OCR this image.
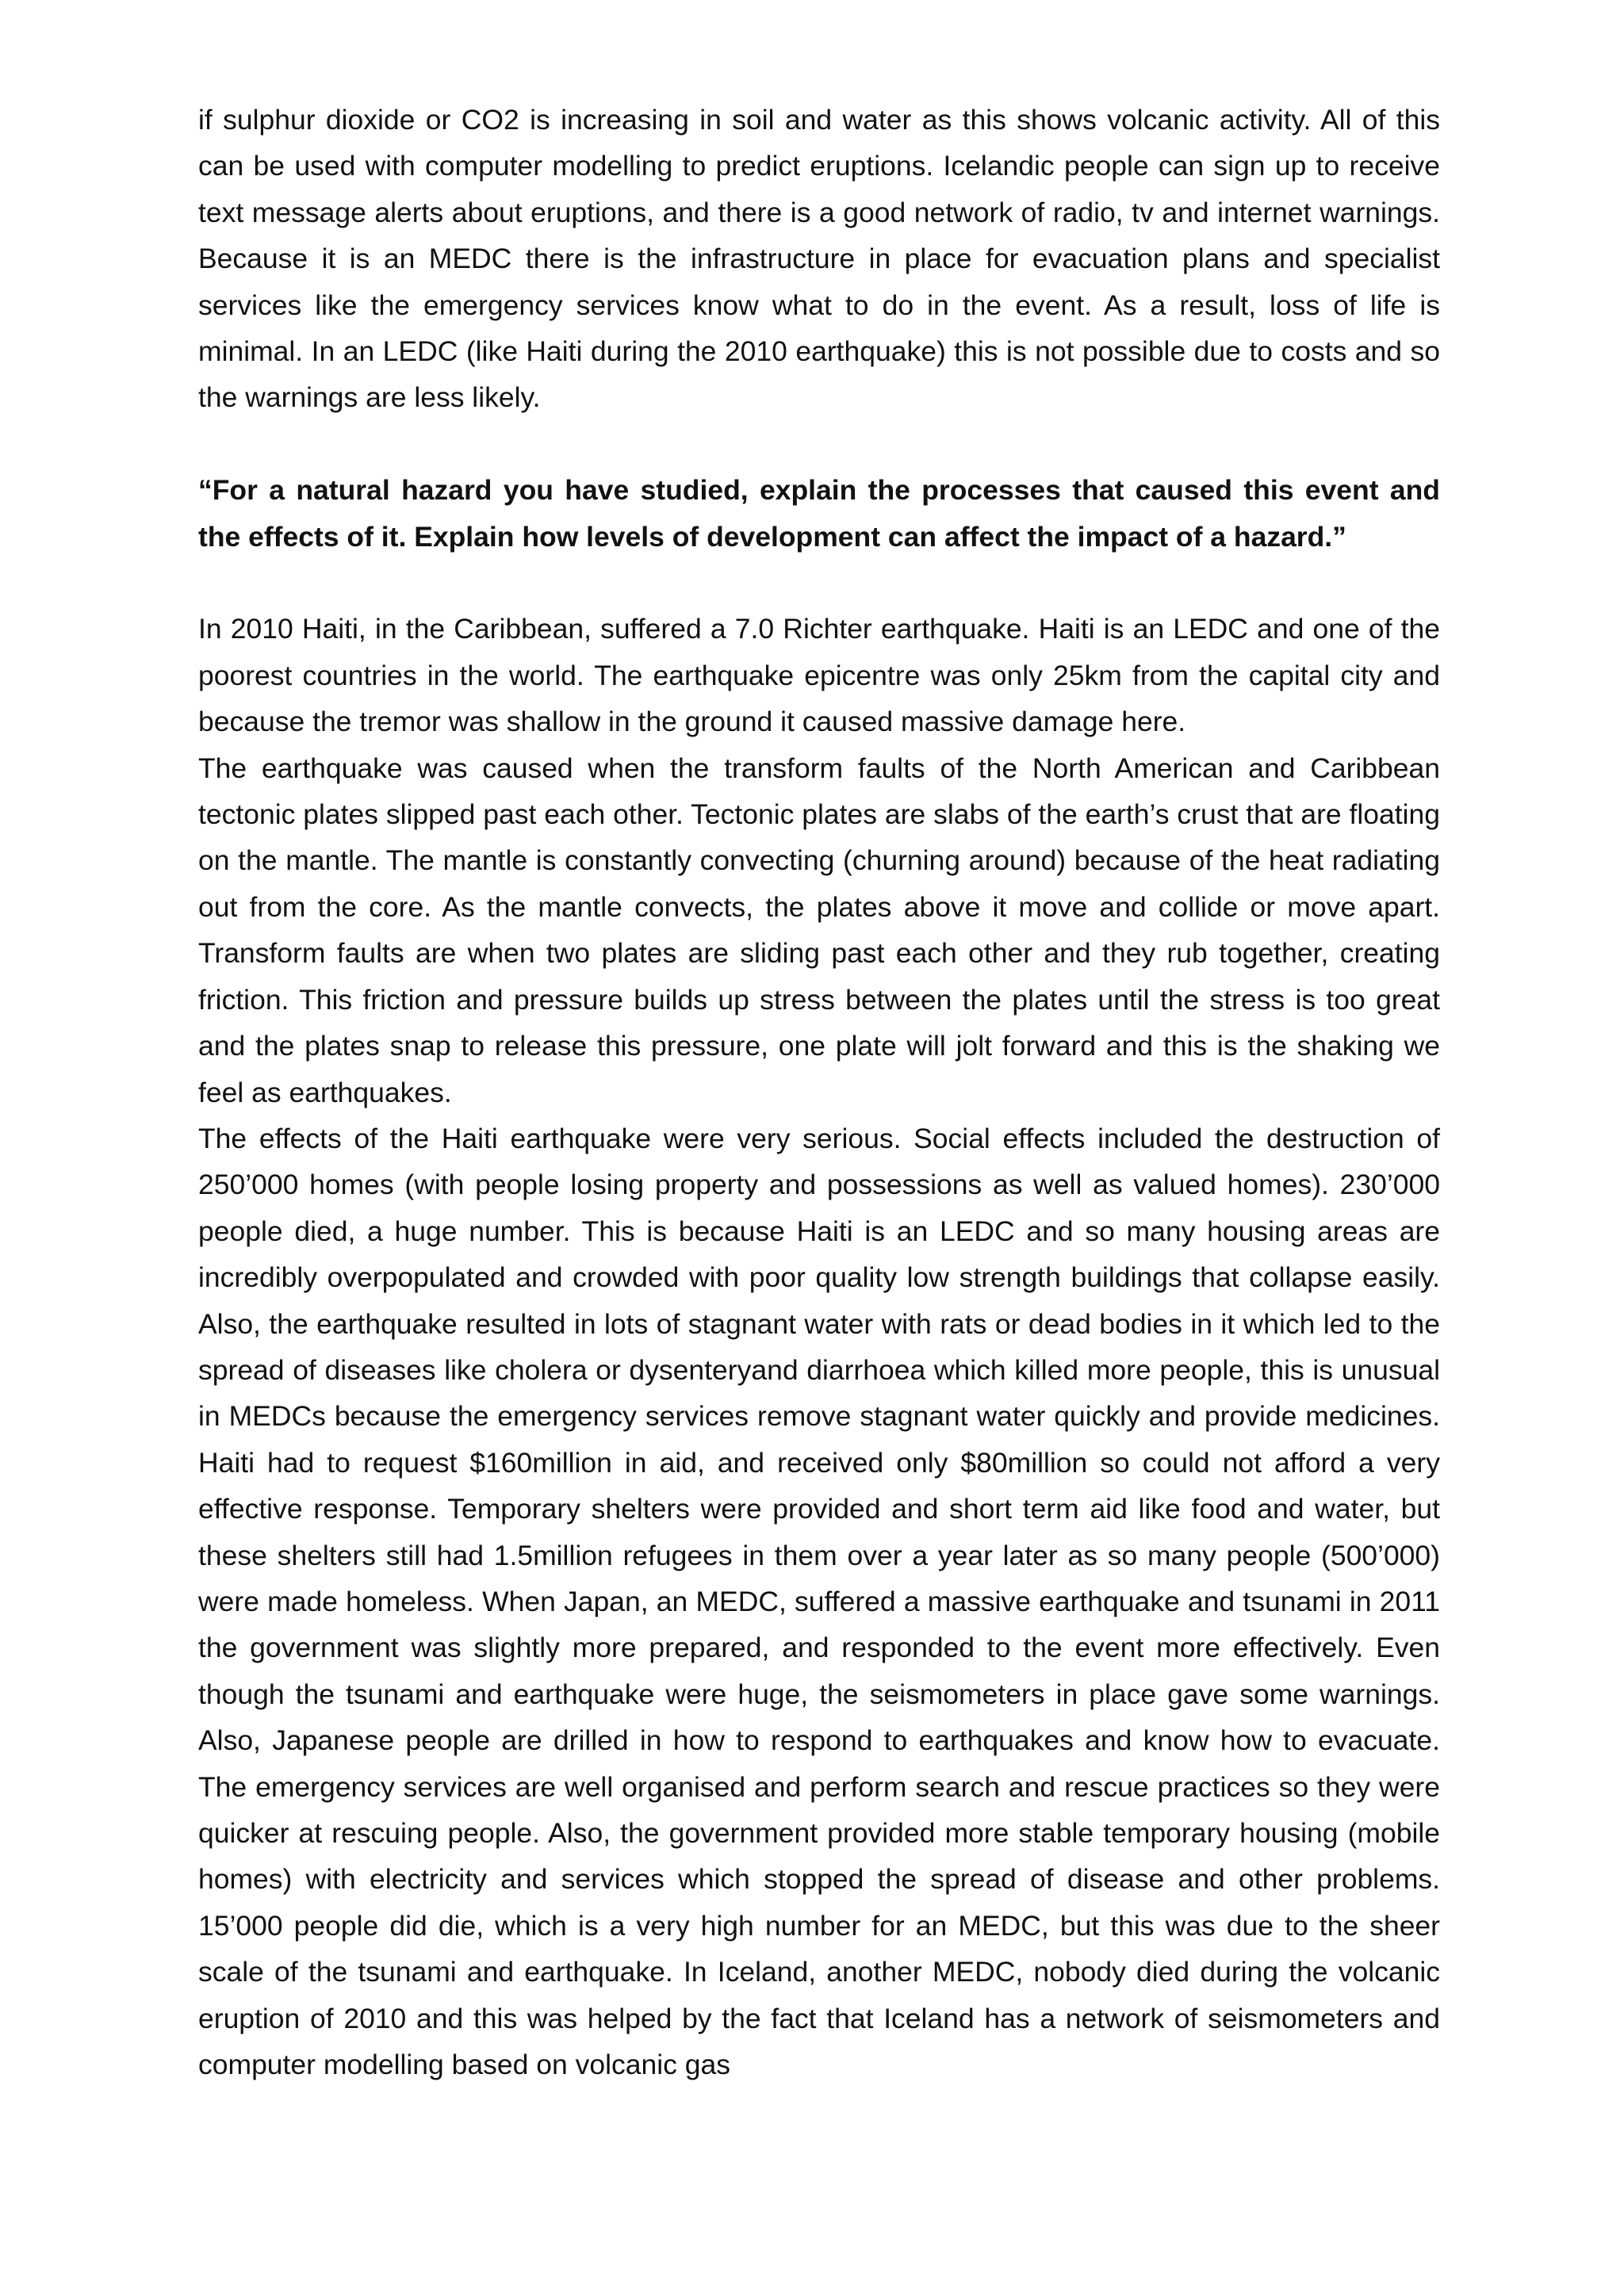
if sulphur dioxide or CO2 is increasing in soil and water as this shows volcanic activity. All of this can be used with computer modelling to predict eruptions. Icelandic people can sign up to receive text message alerts about eruptions, and there is a good network of radio, tv and internet warnings. Because it is an MEDC there is the infrastructure in place for evacuation plans and specialist services like the emergency services know what to do in the event. As a result, loss of life is minimal. In an LEDC (like Haiti during the 2010 earthquake) this is not possible due to costs and so the warnings are less likely.

“For a natural hazard you have studied, explain the processes that caused this event and the effects of it. Explain how levels of development can affect the impact of a hazard.”

In 2010 Haiti, in the Caribbean, suffered a 7.0 Richter earthquake. Haiti is an LEDC and one of the poorest countries in the world. The earthquake epicentre was only 25km from the capital city and because the tremor was shallow in the ground it caused massive damage here.

The earthquake was caused when the transform faults of the North American and Caribbean tectonic plates slipped past each other. Tectonic plates are slabs of the earth’s crust that are floating on the mantle. The mantle is constantly convecting (churning around) because of the heat radiating out from the core. As the mantle convects, the plates above it move and collide or move apart. Transform faults are when two plates are sliding past each other and they rub together, creating friction. This friction and pressure builds up stress between the plates until the stress is too great and the plates snap to release this pressure, one plate will jolt forward and this is the shaking we feel as earthquakes.

The effects of the Haiti earthquake were very serious. Social effects included the destruction of 250’000 homes (with people losing property and possessions as well as valued homes). 230’000 people died, a huge number. This is because Haiti is an LEDC and so many housing areas are incredibly overpopulated and crowded with poor quality low strength buildings that collapse easily. Also, the earthquake resulted in lots of stagnant water with rats or dead bodies in it which led to the spread of diseases like cholera or dysenteryand diarrhoea which killed more people, this is unusual in MEDCs because the emergency services remove stagnant water quickly and provide medicines. Haiti had to request $160million in aid, and received only $80million so could not afford a very effective response. Temporary shelters were provided and short term aid like food and water, but these shelters still had 1.5million refugees in them over a year later as so many people (500’000) were made homeless. When Japan, an MEDC, suffered a massive earthquake and tsunami in 2011 the government was slightly more prepared, and responded to the event more effectively. Even though the tsunami and earthquake were huge, the seismometers in place gave some warnings. Also, Japanese people are drilled in how to respond to earthquakes and know how to evacuate. The emergency services are well organised and perform search and rescue practices so they were quicker at rescuing people. Also, the government provided more stable temporary housing (mobile homes) with electricity and services which stopped the spread of disease and other problems. 15’000 people did die, which is a very high number for an MEDC, but this was due to the sheer scale of the tsunami and earthquake. In Iceland, another MEDC, nobody died during the volcanic eruption of 2010 and this was helped by the fact that Iceland has a network of seismometers and computer modelling based on volcanic gas
